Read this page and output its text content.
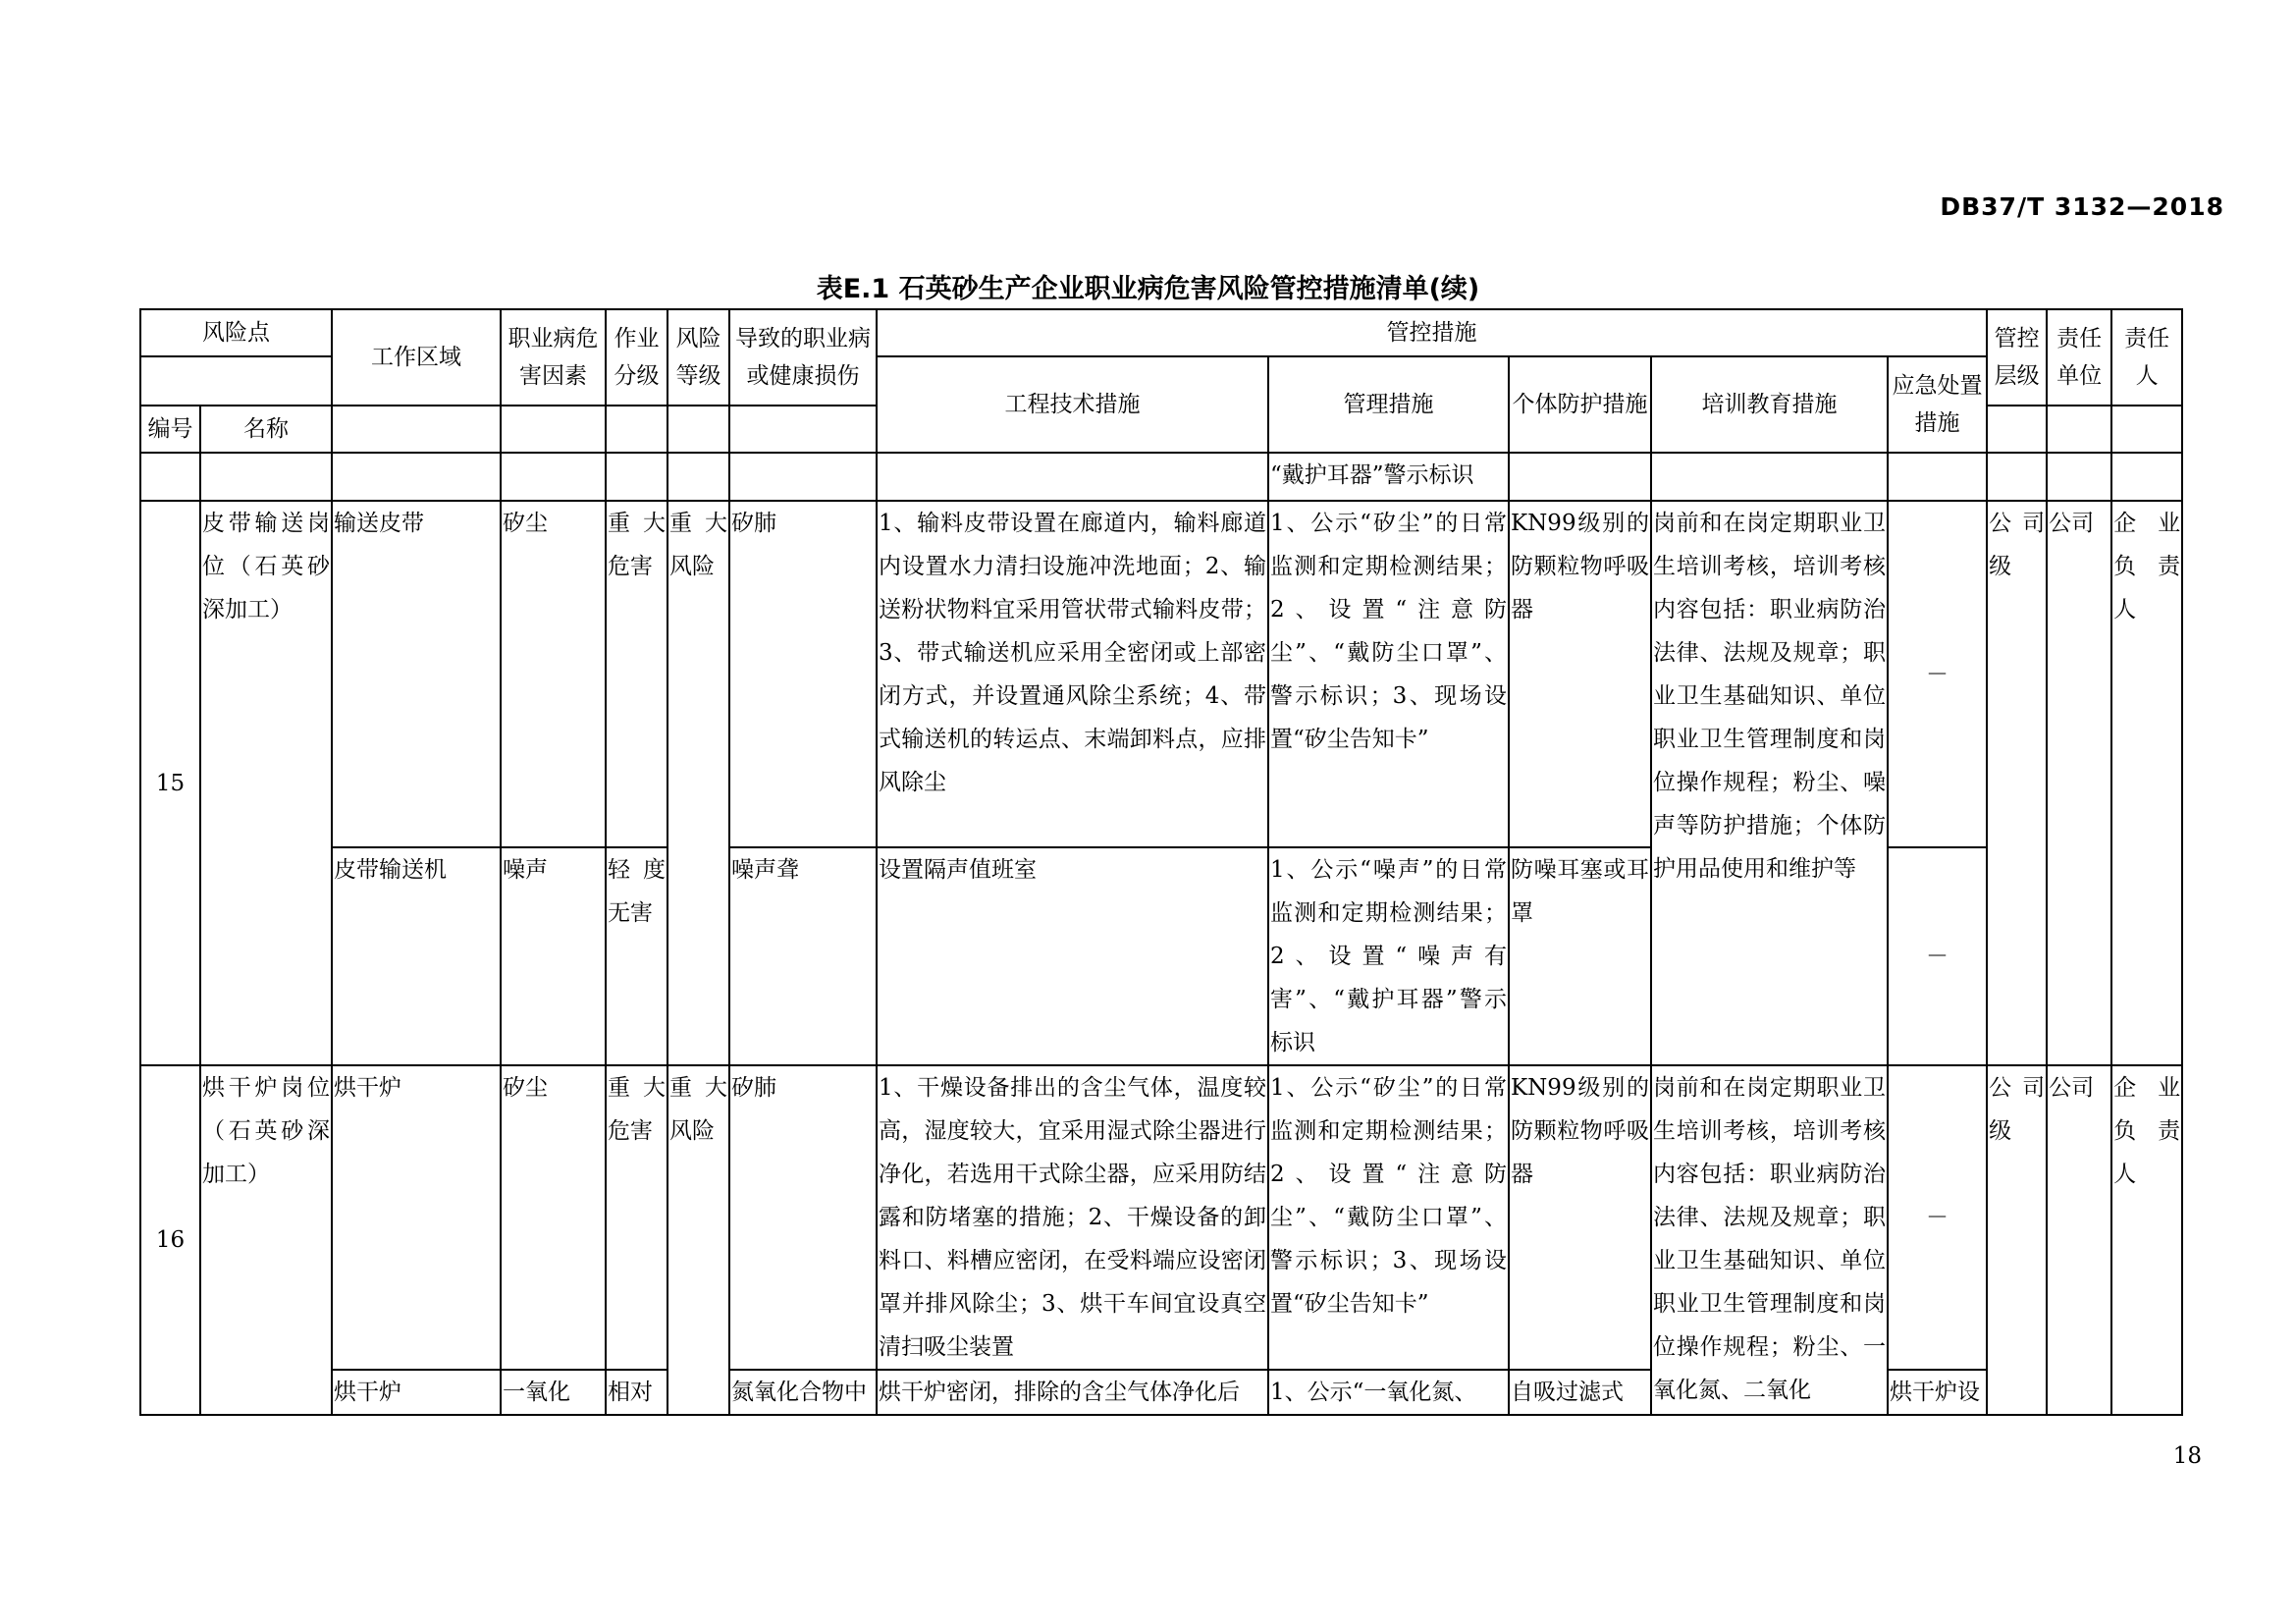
DB37/T 3132—2018
表E.1 石英砂生产企业职业病危害风险管控措施清单(续)
风险点		工作区域	职业病危害因素	作业分级	风险等级	导致的职业病或健康损伤	管控措施					管控层级	责任单位	责任人
							工程技术措施	管理措施	个体防护措施	培训教育措施	应急处置措施			
编号	名称													
								“戴护耳器”警示标识						
15	皮带输送岗位（石英砂深加工）	输送皮带	矽尘	重大危害	重大风险	矽肺	1、输料皮带设置在廊道内，输料廊道内设置水力清扫设施冲洗地面；2、输送粉状物料宜采用管状带式输料皮带；3、带式输送机应采用全密闭或上部密闭方式，并设置通风除尘系统；4、带式输送机的转运点、末端卸料点，应排风除尘	1、公示“矽尘”的日常监测和定期检测结果；2、设置“注意防尘”、“戴防尘口罩”、警示标识；3、现场设置“矽尘告知卡”	KN99级别的防颗粒物呼吸器	岗前和在岗定期职业卫生培训考核，培训考核内容包括：职业病防治法律、法规及规章；职业卫生基础知识、单位职业卫生管理制度和岗位操作规程；粉尘、噪声等防护措施；个体防护用品使用和维护等	－	公司级	公司	企业负责人
		皮带输送机	噪声	轻度无害		噪声聋	设置隔声值班室	1、公示“噪声”的日常监测和定期检测结果；2、设置“噪声有害”、“戴护耳器”警示标识	防噪耳塞或耳罩		－			
16	烘干炉岗位（石英砂深加工）	烘干炉	矽尘	重大危害	重大风险	矽肺	1、干燥设备排出的含尘气体，温度较高，湿度较大，宜采用湿式除尘器进行净化，若选用干式除尘器，应采用防结露和防堵塞的措施；2、干燥设备的卸料口、料槽应密闭，在受料端应设密闭罩并排风除尘；3、烘干车间宜设真空清扫吸尘装置	1、公示“矽尘”的日常监测和定期检测结果；2、设置“注意防尘”、“戴防尘口罩”、警示标识；3、现场设置“矽尘告知卡”	KN99级别的防颗粒物呼吸器	岗前和在岗定期职业卫生培训考核，培训考核内容包括：职业病防治法律、法规及规章；职业卫生基础知识、单位职业卫生管理制度和岗位操作规程；粉尘、一氧化氮、二氧化	－	公司级	公司	企业负责人
		烘干炉	一氧化	相对		氮氧化合物中	烘干炉密闭，排除的含尘气体净化后	1、公示“一氧化氮、	自吸过滤式		烘干炉设			
18
